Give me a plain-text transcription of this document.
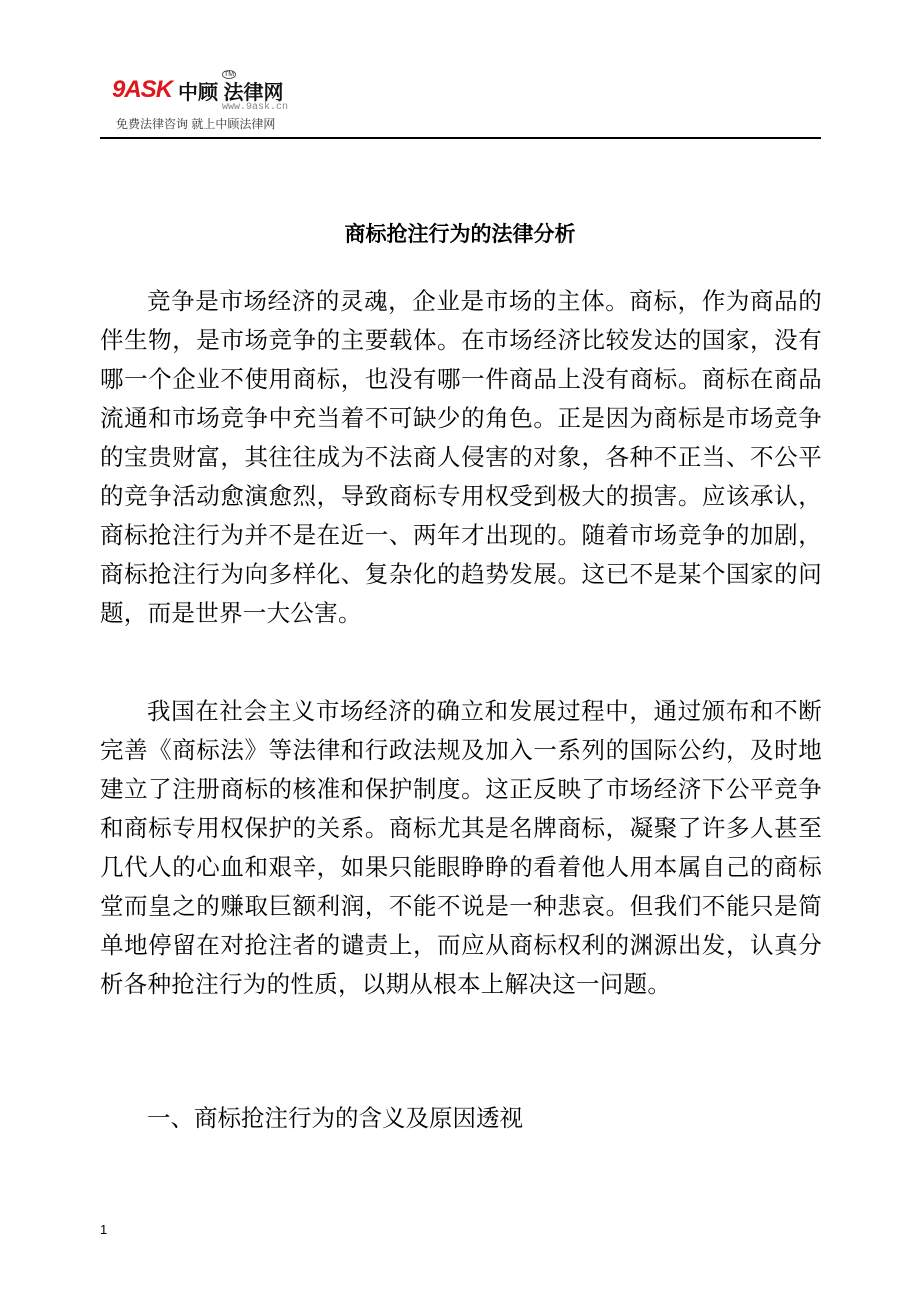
9ASK 中顾 法律网
TM
www.9ask.cn
免费法律咨询 就上中顾法律网
商标抢注行为的法律分析

竞争是市场经济的灵魂，企业是市场的主体。商标，作为商品的伴生物，是市场竞争的主要载体。在市场经济比较发达的国家，没有哪一个企业不使用商标，也没有哪一件商品上没有商标。商标在商品流通和市场竞争中充当着不可缺少的角色。正是因为商标是市场竞争的宝贵财富，其往往成为不法商人侵害的对象，各种不正当、不公平的竞争活动愈演愈烈，导致商标专用权受到极大的损害。应该承认，商标抢注行为并不是在近一、两年才出现的。随着市场竞争的加剧，商标抢注行为向多样化、复杂化的趋势发展。这已不是某个国家的问题，而是世界一大公害。

我国在社会主义市场经济的确立和发展过程中，通过颁布和不断完善《商标法》等法律和行政法规及加入一系列的国际公约，及时地建立了注册商标的核准和保护制度。这正反映了市场经济下公平竞争和商标专用权保护的关系。商标尤其是名牌商标，凝聚了许多人甚至几代人的心血和艰辛，如果只能眼睁睁的看着他人用本属自己的商标堂而皇之的赚取巨额利润，不能不说是一种悲哀。但我们不能只是简单地停留在对抢注者的谴责上，而应从商标权利的渊源出发，认真分析各种抢注行为的性质，以期从根本上解决这一问题。

一、商标抢注行为的含义及原因透视
1
